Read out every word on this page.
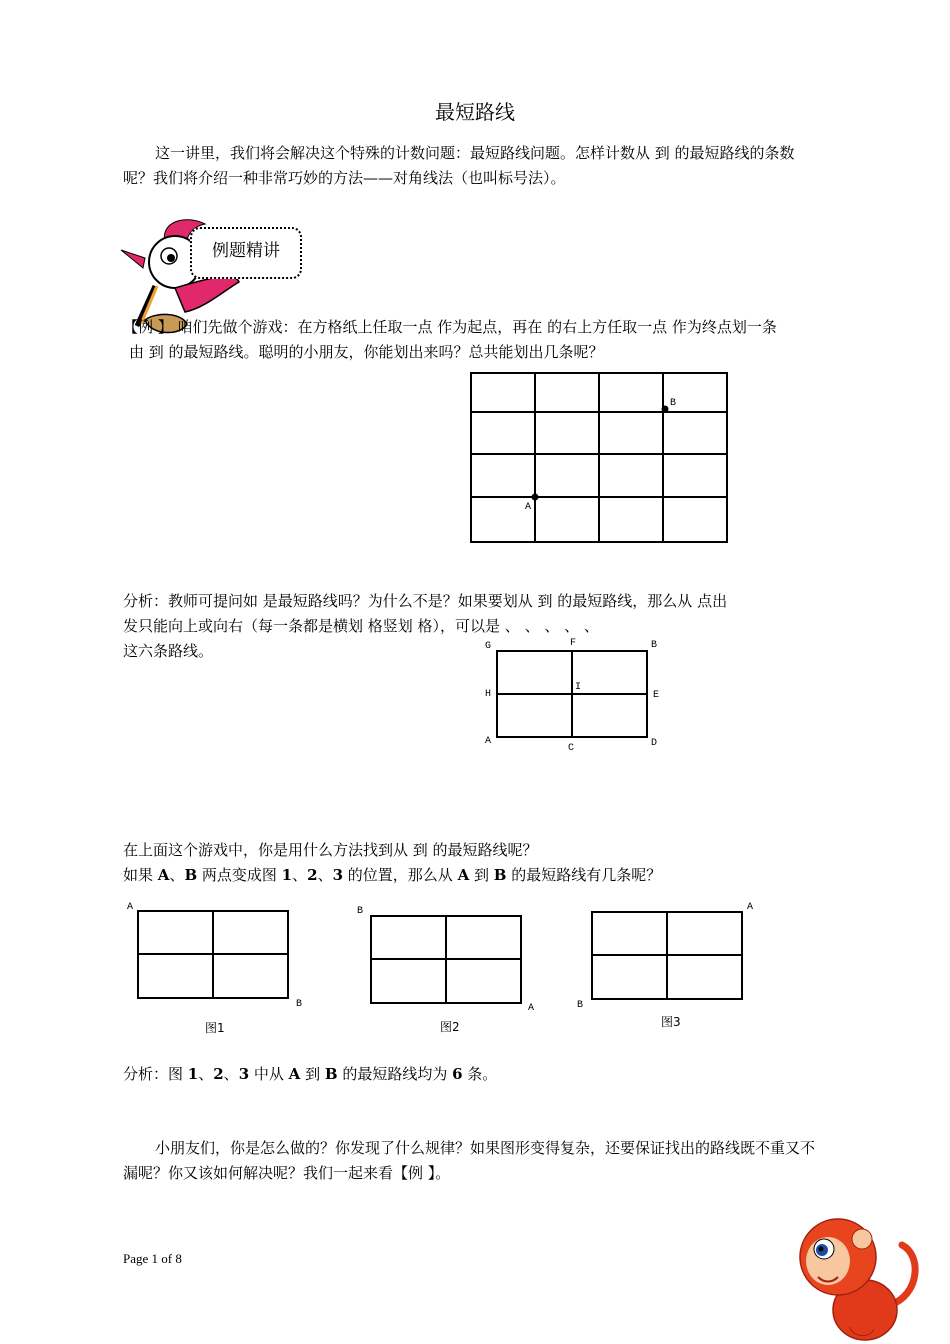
最短路线
这一讲里，我们将会解决这个特殊的计数问题：最短路线问题。怎样计数从 到 的最短路线的条数
呢？我们将介绍一种非常巧妙的方法——对角线法（也叫标号法）。
例题精讲
【例 】 咱们先做个游戏：在方格纸上任取一点 作为起点，再在 的右上方任取一点 作为终点划一条
由 到 的最短路线。聪明的小朋友，你能划出来吗？总共能划出几条呢？
B
A
分析：教师可提问如 是最短路线吗？为什么不是？如果要划从 到 的最短路线，那么从 点出
发只能向上或向右（每一条都是横划 格竖划 格），可以是 、 、 、 、 、
这六条路线。	G	F	B
H
I
E
A
C	D
在上面这个游戏中，你是用什么方法找到从 到 的最短路线呢？
如果 A、B 两点变成图 1、2、3 的位置，那么从 A 到 B 的最短路线有几条呢？
A
B
图1
B
A
图2
A
B
图3
分析：图 1、2、3 中从 A 到 B 的最短路线均为 6 条。
小朋友们，你是怎么做的？你发现了什么规律？如果图形变得复杂，还要保证找出的路线既不重又不
漏呢？你又该如何解决呢？我们一起来看【例 】。
Page 1 of 8
